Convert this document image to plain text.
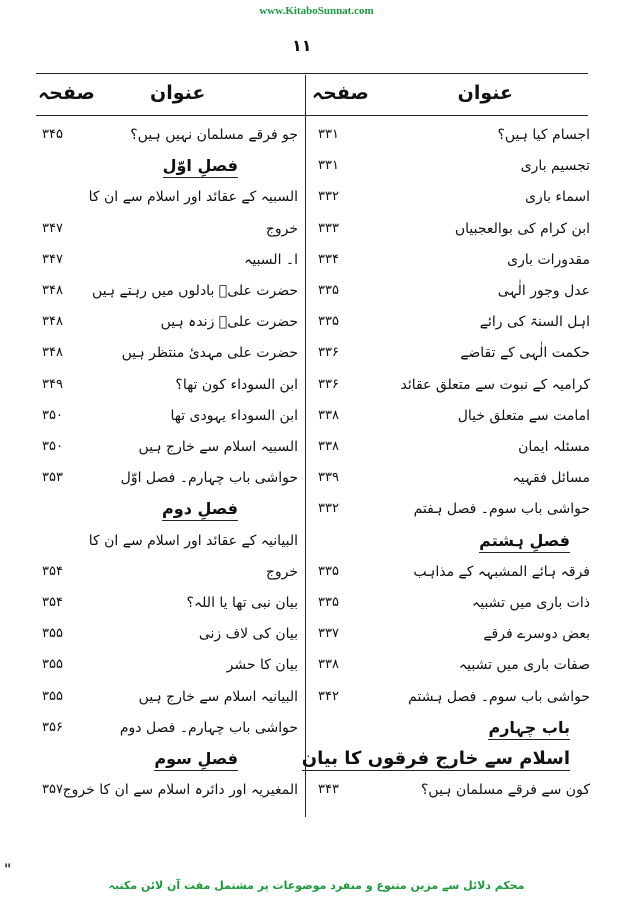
www.KitaboSunnat.com
۱۱
عنوان
صفحہ
عنوان
صفحہ
اجسام کیا ہیں؟
۳۳۱
تجسیم باری
۳۳۱
اسماء باری
۳۳۲
ابن کرام کی بوالعجبیاں
۳۳۳
مقدورات باری
۳۳۴
عدل وجور الٰہی
۳۳۵
اہل السنۃ کی رائے
۳۳۵
حکمت الٰہی کے تقاضے
۳۳۶
کرامیہ کے نبوت سے متعلق عقائد
۳۳۶
امامت سے متعلق خیال
۳۳۸
مسئلہ ایمان
۳۳۸
مسائل فقہیہ
۳۳۹
حواشی باب سوم۔ فصل ہفتم
۳۳۲
فصلِ ہشتم
فرقہ ہائے المشبہہ کے مذاہب
۳۳۵
ذات باری میں تشبیہ
۳۳۵
بعض دوسرے فرقے
۳۳۷
صفات باری میں تشبیہ
۳۳۸
حواشی باب سوم۔ فصل ہشتم
۳۴۲
باب چہارم
اسلام سے خارج فرقوں کا بیان
کون سے فرقے مسلمان ہیں؟
۳۴۳
جو فرقے مسلمان نہیں ہیں؟
۳۴۵
فصلِ اوّل
السبیہ کے عقائد اور اسلام سے ان کا
خروج
۳۴۷
ا۔ السبیہ
۳۴۷
حضرت علیؓ بادلوں میں رہتے ہیں
۳۴۸
حضرت علیؓ زندہ ہیں
۳۴۸
حضرت علی مہدیٔ منتظر ہیں
۳۴۸
ابن السوداء کون تھا؟
۳۴۹
ابن السوداء یہودی تھا
۳۵۰
السبیہ اسلام سے خارج ہیں
۳۵۰
حواشی باب چہارم۔ فصل اوّل
۳۵۳
فصلِ دوم
البیانیہ کے عقائد اور اسلام سے ان کا
خروج
۳۵۴
بیان نبی تھا یا اللہ؟
۳۵۴
بیان کی لاف زنی
۳۵۵
بیان کا حشر
۳۵۵
البیانیہ اسلام سے خارج ہیں
۳۵۵
حواشی باب چہارم۔ فصل دوم
۳۵۶
فصلِ سوم
المغیریہ اور دائرہ اسلام سے ان کا خروج
۳۵۷
"
محکم دلائل سے مزین متنوع و منفرد موضوعات پر مشتمل مفت آن لائن مکتبہ
